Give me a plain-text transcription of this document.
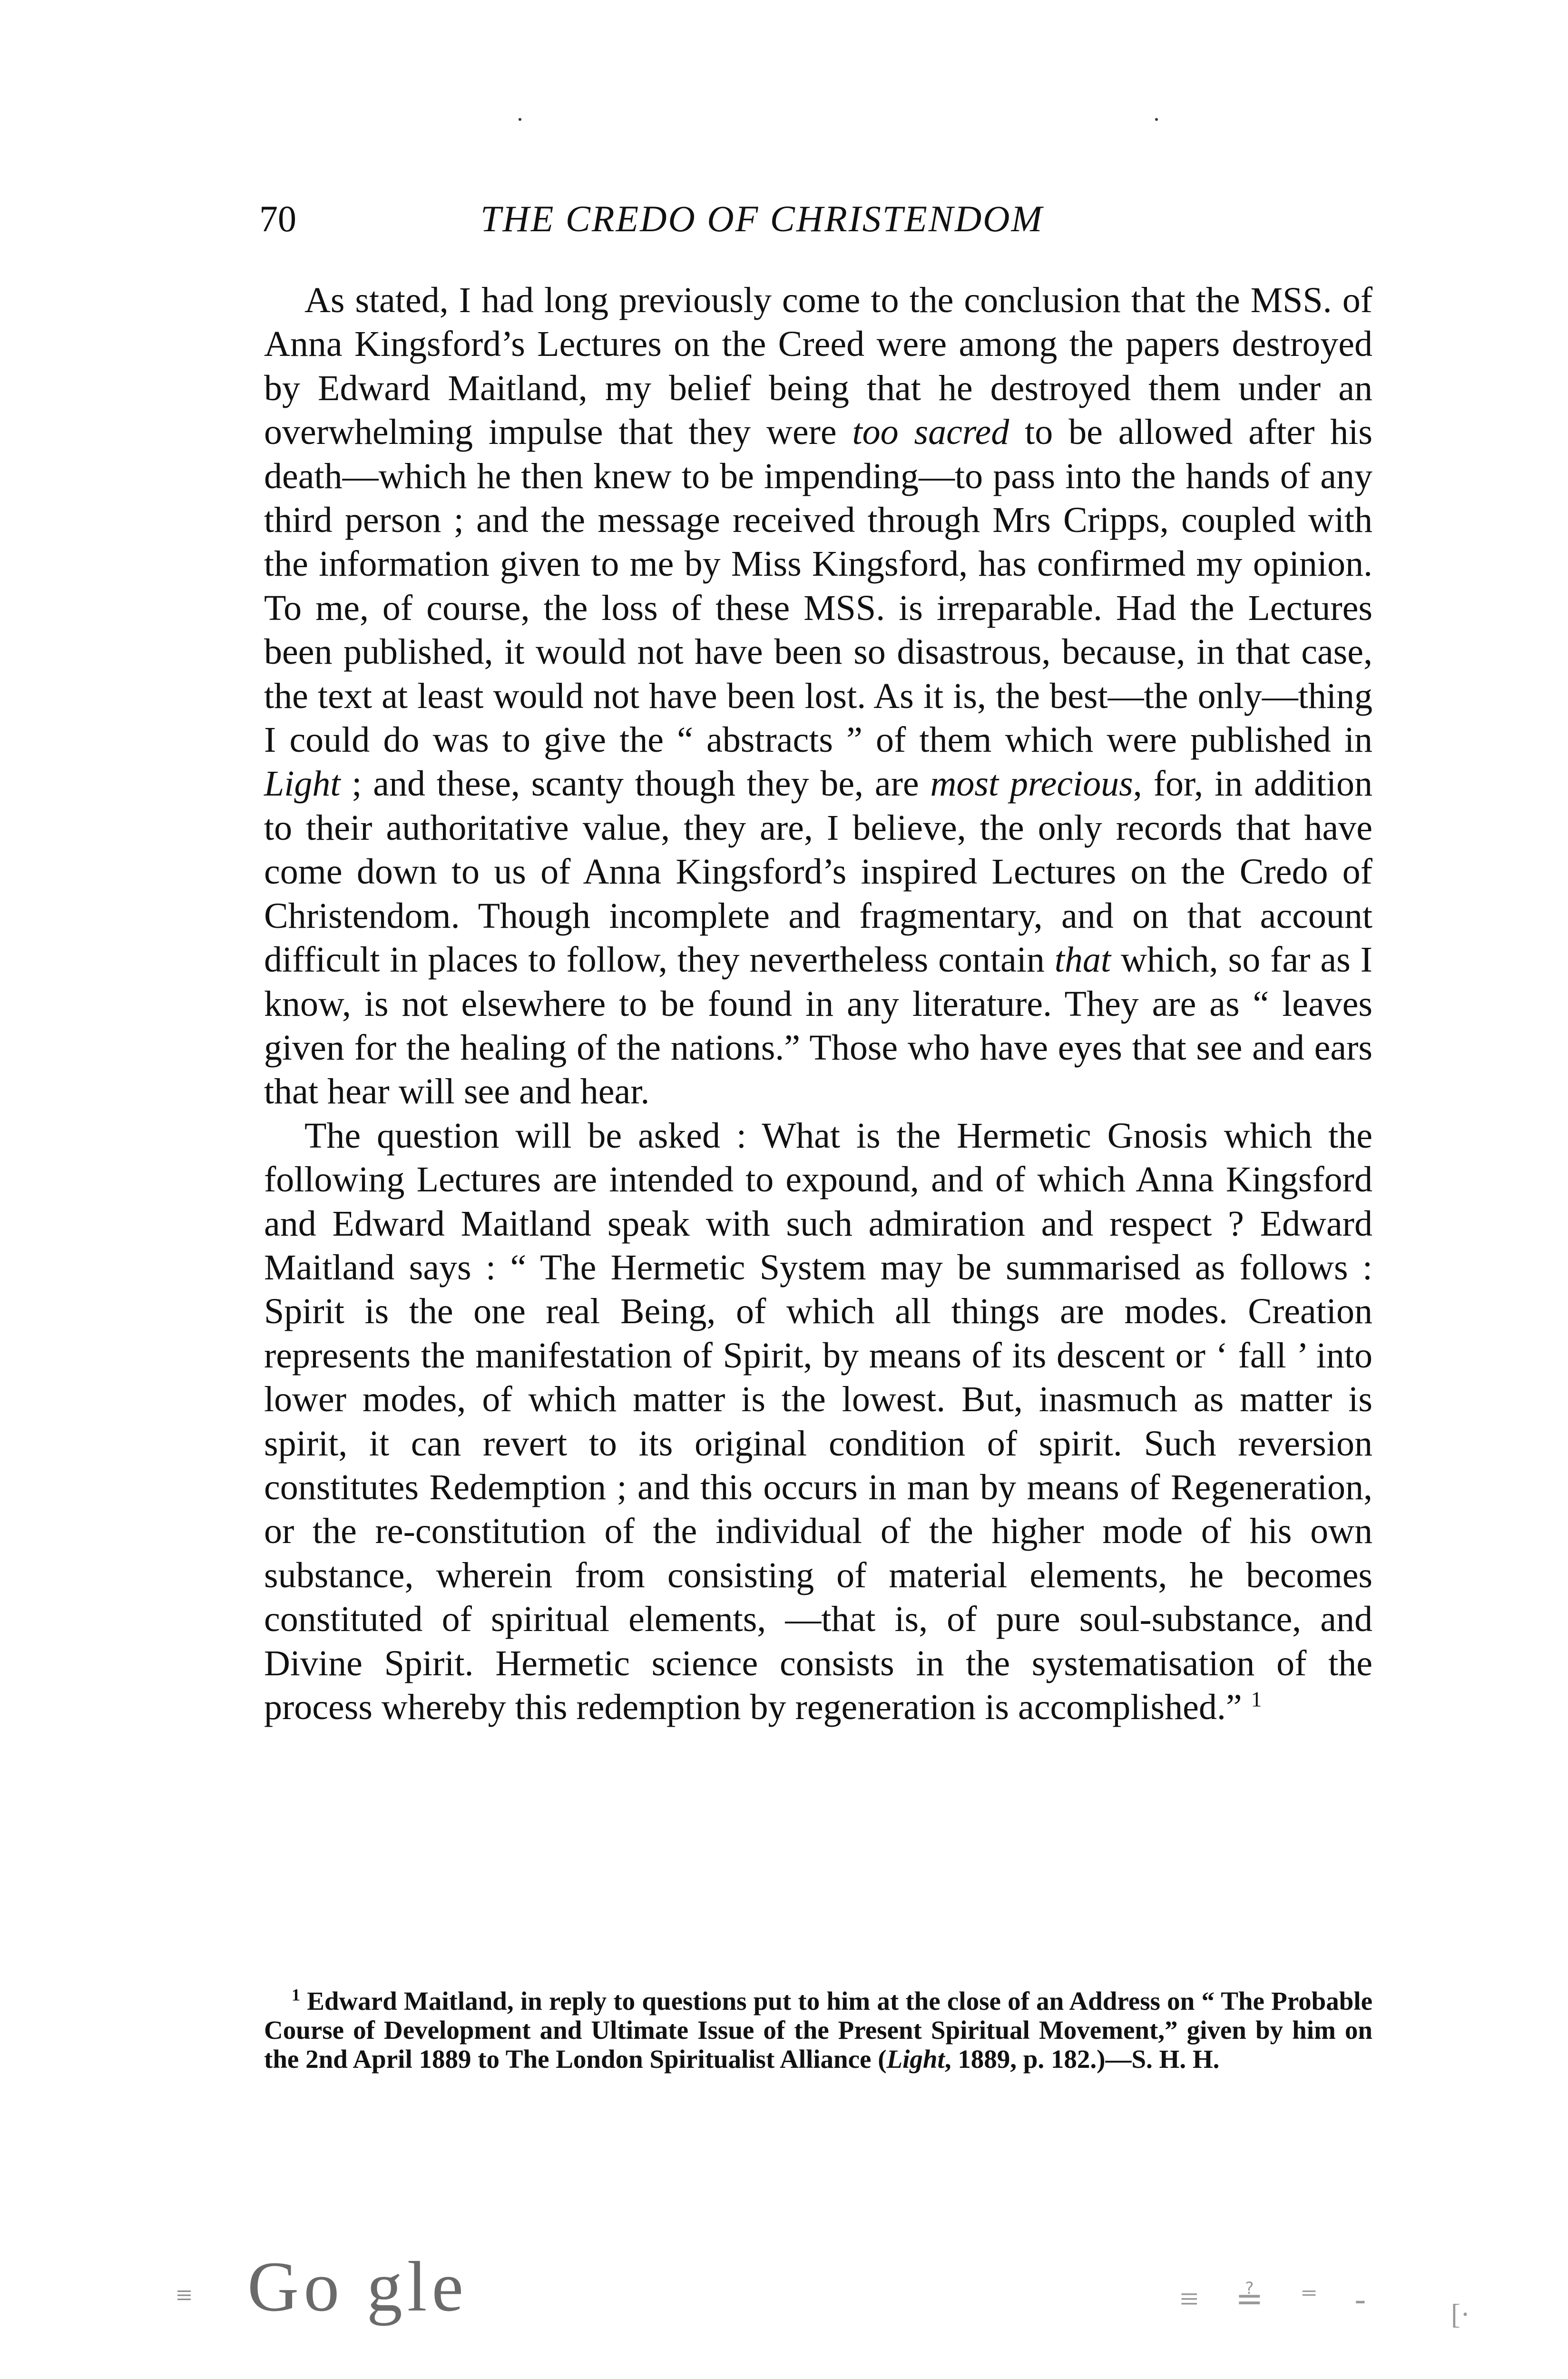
70	THE CREDO OF CHRISTENDOM

As stated, I had long previously come to the conclusion that the MSS. of Anna Kingsford’s Lectures on the Creed were among the papers destroyed by Edward Maitland, my belief being that he destroyed them under an overwhelming impulse that they were too sacred to be allowed after his death—which he then knew to be impending—to pass into the hands of any third person ; and the message received through Mrs Cripps, coupled with the information given to me by Miss Kingsford, has confirmed my opinion. To me, of course, the loss of these MSS. is irreparable. Had the Lectures been published, it would not have been so disastrous, because, in that case, the text at least would not have been lost. As it is, the best—the only—thing I could do was to give the “ abstracts ” of them which were published in Light ; and these, scanty though they be, are most precious, for, in addition to their authoritative value, they are, I believe, the only records that have come down to us of Anna Kingsford’s inspired Lectures on the Credo of Christendom. Though incomplete and fragmentary, and on that account difficult in places to follow, they nevertheless contain that which, so far as I know, is not elsewhere to be found in any literature. They are as “ leaves given for the healing of the nations.” Those who have eyes that see and ears that hear will see and hear.

The question will be asked : What is the Hermetic Gnosis which the following Lectures are intended to expound, and of which Anna Kingsford and Edward Maitland speak with such admiration and respect ? Edward Maitland says : “ The Hermetic System may be summarised as follows : Spirit is the one real Being, of which all things are modes. Creation represents the manifestation of Spirit, by means of its descent or ‘ fall ’ into lower modes, of which matter is the lowest. But, inasmuch as matter is spirit, it can revert to its original condition of spirit. Such reversion constitutes Redemption ; and this occurs in man by means of Regeneration, or the re-constitution of the individual of the higher mode of his own substance, wherein from consisting of material elements, he becomes constituted of spiritual elements, —that is, of pure soul-substance, and Divine Spirit. Hermetic science consists in the systematisation of the process whereby this redemption by regeneration is accomplished.” $^1$

$^1$ Edward Maitland, in reply to questions put to him at the close of an Address on “ The Probable Course of Development and Ultimate Issue of the Present Spiritual Movement,” given by him on the 2nd April 1889 to The London Spiritualist Alliance (Light, 1889, p. 182.)—S. H. H.
≡ Go gle	≡ ≟ ⁼ ‐ [·
